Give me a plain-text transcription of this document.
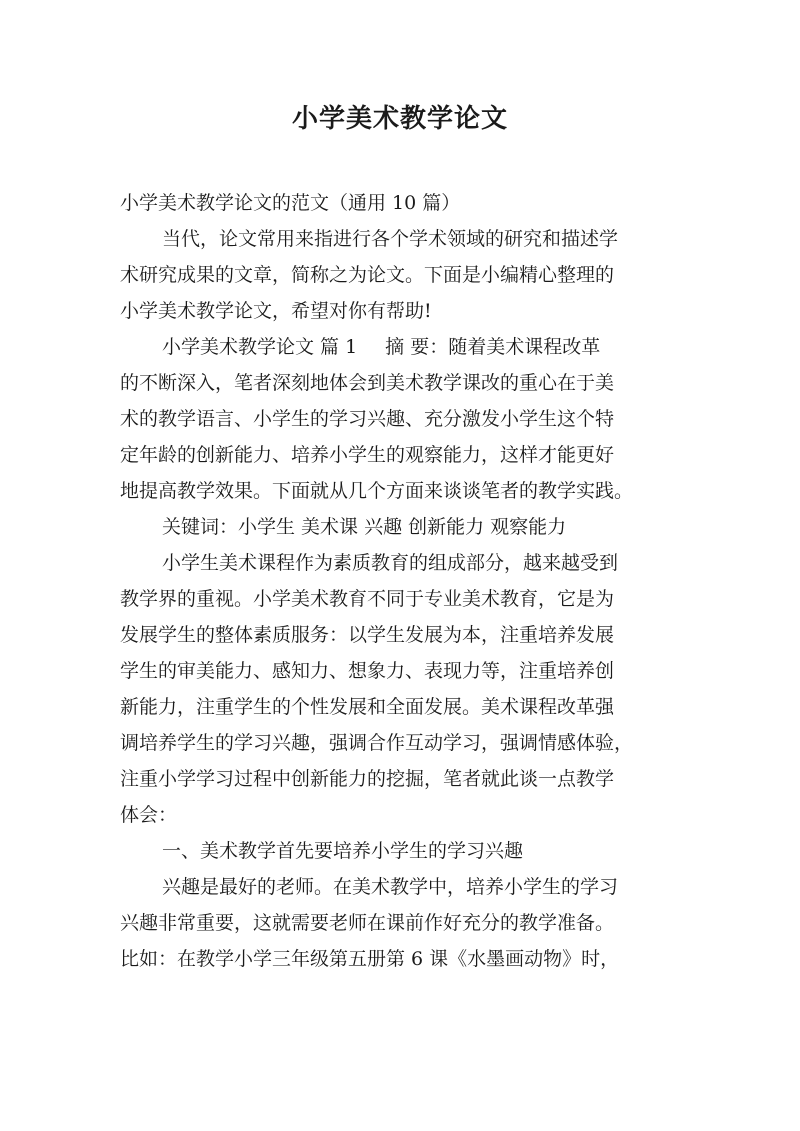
小学美术教学论文
小学美术教学论文的范文（通用 10 篇）
当代，论文常用来指进行各个学术领域的研究和描述学
术研究成果的文章，简称之为论文。下面是小编精心整理的
小学美术教学论文，希望对你有帮助!
小学美术教学论文 篇 1 摘 要：随着美术课程改革
的不断深入，笔者深刻地体会到美术教学课改的重心在于美
术的教学语言、小学生的学习兴趣、充分激发小学生这个特
定年龄的创新能力、培养小学生的观察能力，这样才能更好
地提高教学效果。下面就从几个方面来谈谈笔者的教学实践。
关键词：小学生 美术课 兴趣 创新能力 观察能力
小学生美术课程作为素质教育的组成部分，越来越受到
教学界的重视。小学美术教育不同于专业美术教育，它是为
发展学生的整体素质服务：以学生发展为本，注重培养发展
学生的审美能力、感知力、想象力、表现力等，注重培养创
新能力，注重学生的个性发展和全面发展。美术课程改革强
调培养学生的学习兴趣，强调合作互动学习，强调情感体验，
注重小学学习过程中创新能力的挖掘，笔者就此谈一点教学
体会：
一、美术教学首先要培养小学生的学习兴趣
兴趣是最好的老师。在美术教学中，培养小学生的学习
兴趣非常重要，这就需要老师在课前作好充分的教学准备。
比如：在教学小学三年级第五册第 6 课《水墨画动物》时，
